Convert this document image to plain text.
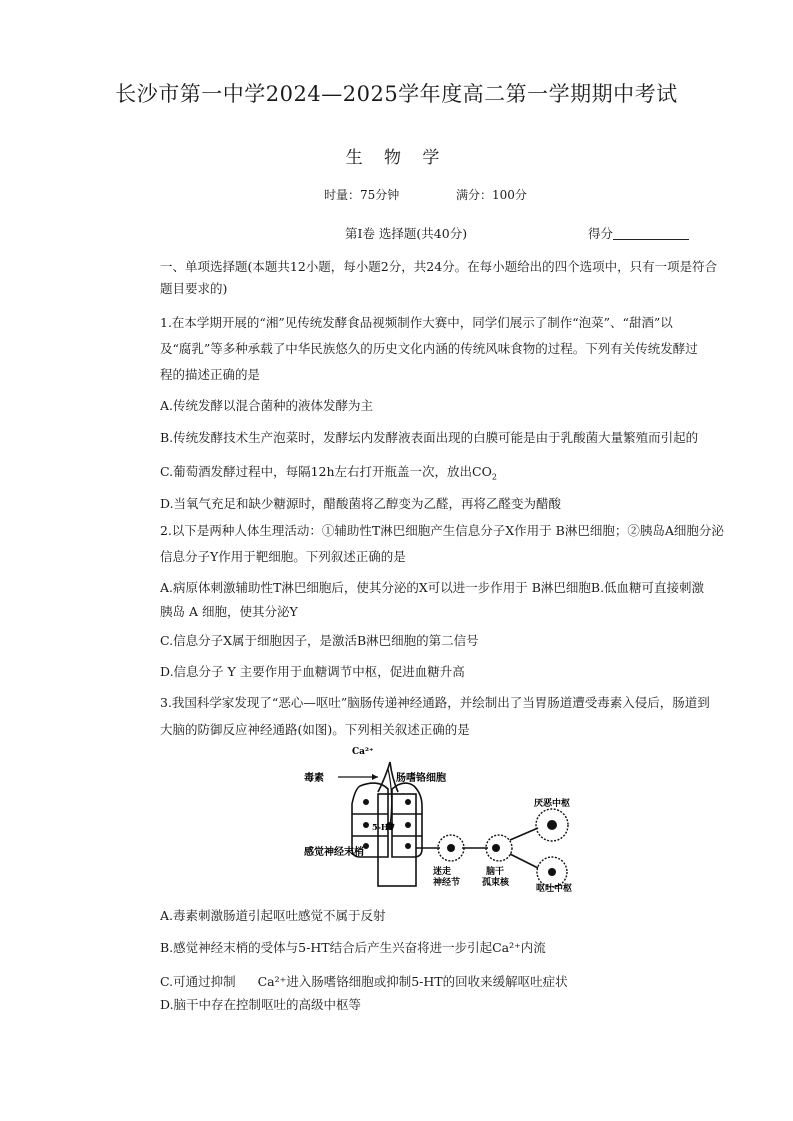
长沙市第一中学2024—2025学年度高二第一学期期中考试
生 物 学
时量：75分钟	满分：100分
第Ⅰ卷 选择题(共40分)	得分
一、单项选择题(本题共12小题，每小题2分，共24分。在每小题给出的四个选项中，只有一项是符合
题目要求的)
1.在本学期开展的“湘”见传统发酵食品视频制作大赛中，同学们展示了制作“泡菜”、“甜酒”以
及“腐乳”等多种承载了中华民族悠久的历史文化内涵的传统风味食物的过程。下列有关传统发酵过
程的描述正确的是
A.传统发酵以混合菌种的液体发酵为主
B.传统发酵技术生产泡菜时，发酵坛内发酵液表面出现的白膜可能是由于乳酸菌大量繁殖而引起的
C.葡萄酒发酵过程中，每隔12h左右打开瓶盖一次，放出$CO_2$
D.当氧气充足和缺少糖源时，醋酸菌将乙醇变为乙醛，再将乙醛变为醋酸
2.以下是两种人体生理活动：①辅助性T淋巴细胞产生信息分子X作用于 B淋巴细胞；②胰岛A细胞分泌
信息分子Y作用于靶细胞。下列叙述正确的是
A.病原体刺激辅助性T淋巴细胞后，使其分泌的X可以进一步作用于 B淋巴细胞B.低血糖可直接刺激
胰岛 A 细胞，使其分泌Y
C.信息分子X属于细胞因子，是激活B淋巴细胞的第二信号
D.信息分子 Y 主要作用于血糖调节中枢，促进血糖升高
3.我国科学家发现了“恶心—呕吐”脑肠传递神经通路，并绘制出了当胃肠道遭受毒素入侵后，肠道到
大脑的防御反应神经通路(如图)。下列相关叙述正确的是
Ca²⁺
毒素	肠嗜铬细胞
5-HT
感觉神经末梢
迷走
神经节
脑干
孤束核
厌恶中枢
呕吐中枢
A.毒素刺激肠道引起呕吐感觉不属于反射
B.感觉神经末梢的受体与5-HT结合后产生兴奋将进一步引起Ca²⁺内流
C.可通过抑制 Ca²⁺进入肠嗜铬细胞或抑制5-HT的回收来缓解呕吐症状
D.脑干中存在控制呕吐的高级中枢等
